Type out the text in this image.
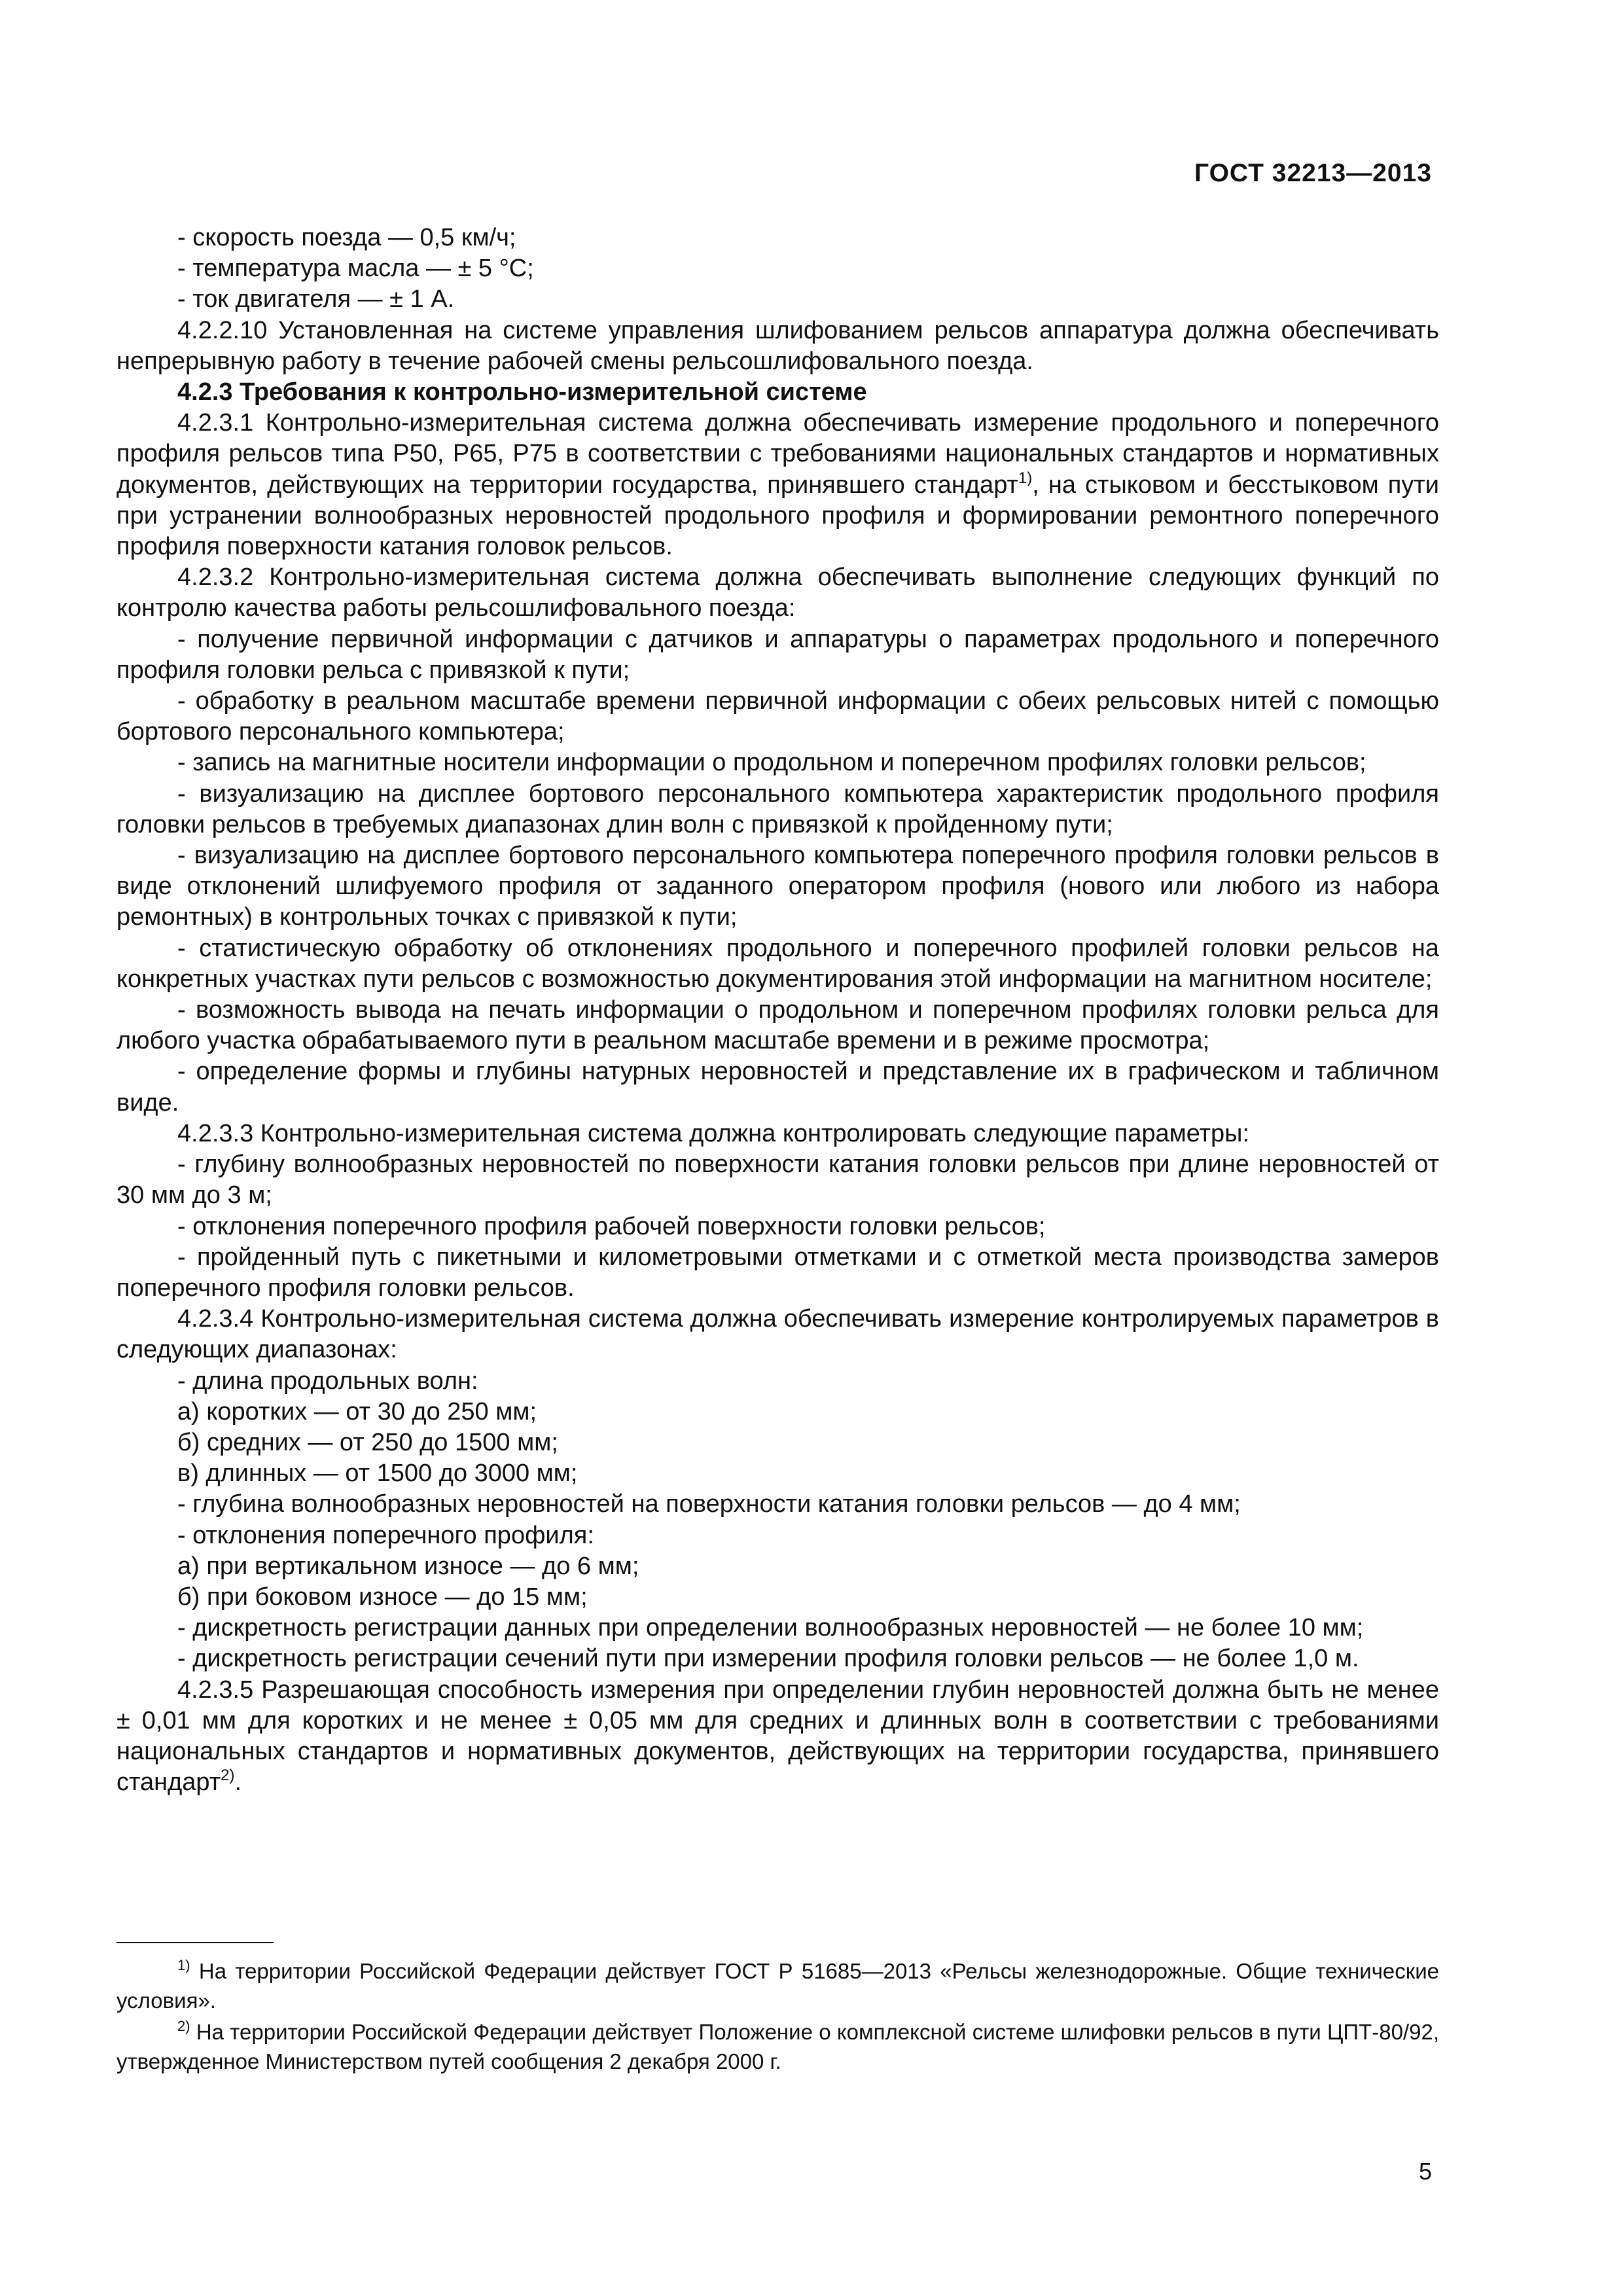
ГОСТ 32213—2013

- скорость поезда — 0,5 км/ч;

- температура масла — ± 5 °С;

- ток двигателя — ± 1 А.

4.2.2.10 Установленная на системе управления шлифованием рельсов аппаратура должна обеспечивать непрерывную работу в течение рабочей смены рельсошлифовального поезда.

4.2.3 Требования к контрольно-измерительной системе

4.2.3.1 Контрольно-измерительная система должна обеспечивать измерение продольного и поперечного профиля рельсов типа Р50, Р65, Р75 в соответствии с требованиями национальных стандартов и нормативных документов, действующих на территории государства, принявшего стандарт$^{1)}$, на стыковом и бесстыковом пути при устранении волнообразных неровностей продольного профиля и формировании ремонтного поперечного профиля поверхности катания головок рельсов.

4.2.3.2 Контрольно-измерительная система должна обеспечивать выполнение следующих функций по контролю качества работы рельсошлифовального поезда:

- получение первичной информации с датчиков и аппаратуры о параметрах продольного и поперечного профиля головки рельса с привязкой к пути;

- обработку в реальном масштабе времени первичной информации с обеих рельсовых нитей с помощью бортового персонального компьютера;

- запись на магнитные носители информации о продольном и поперечном профилях головки рельсов;

- визуализацию на дисплее бортового персонального компьютера характеристик продольного профиля головки рельсов в требуемых диапазонах длин волн с привязкой к пройденному пути;

- визуализацию на дисплее бортового персонального компьютера поперечного профиля головки рельсов в виде отклонений шлифуемого профиля от заданного оператором профиля (нового или любого из набора ремонтных) в контрольных точках с привязкой к пути;

- статистическую обработку об отклонениях продольного и поперечного профилей головки рельсов на конкретных участках пути рельсов с возможностью документирования этой информации на магнитном носителе;

- возможность вывода на печать информации о продольном и поперечном профилях головки рельса для любого участка обрабатываемого пути в реальном масштабе времени и в режиме просмотра;

- определение формы и глубины натурных неровностей и представление их в графическом и табличном виде.

4.2.3.3 Контрольно-измерительная система должна контролировать следующие параметры:

- глубину волнообразных неровностей по поверхности катания головки рельсов при длине неровностей от 30 мм до 3 м;

- отклонения поперечного профиля рабочей поверхности головки рельсов;

- пройденный путь с пикетными и километровыми отметками и с отметкой места производства замеров поперечного профиля головки рельсов.

4.2.3.4 Контрольно-измерительная система должна обеспечивать измерение контролируемых параметров в следующих диапазонах:

- длина продольных волн:

а) коротких — от 30 до 250 мм;

б) средних — от 250 до 1500 мм;

в) длинных — от 1500 до 3000 мм;

- глубина волнообразных неровностей на поверхности катания головки рельсов — до 4 мм;

- отклонения поперечного профиля:

а) при вертикальном износе — до 6 мм;

б) при боковом износе — до 15 мм;

- дискретность регистрации данных при определении волнообразных неровностей — не более 10 мм;

- дискретность регистрации сечений пути при измерении профиля головки рельсов — не более 1,0 м.

4.2.3.5 Разрешающая способность измерения при определении глубин неровностей должна быть не менее ± 0,01 мм для коротких и не менее ± 0,05 мм для средних и длинных волн в соответствии с требованиями национальных стандартов и нормативных документов, действующих на территории государства, принявшего стандарт$^{2)}$.

$^{1)}$ На территории Российской Федерации действует ГОСТ Р 51685—2013 «Рельсы железнодорожные. Общие технические условия».

$^{2)}$ На территории Российской Федерации действует Положение о комплексной системе шлифовки рельсов в пути ЦПТ-80/92, утвержденное Министерством путей сообщения 2 декабря 2000 г.

5
